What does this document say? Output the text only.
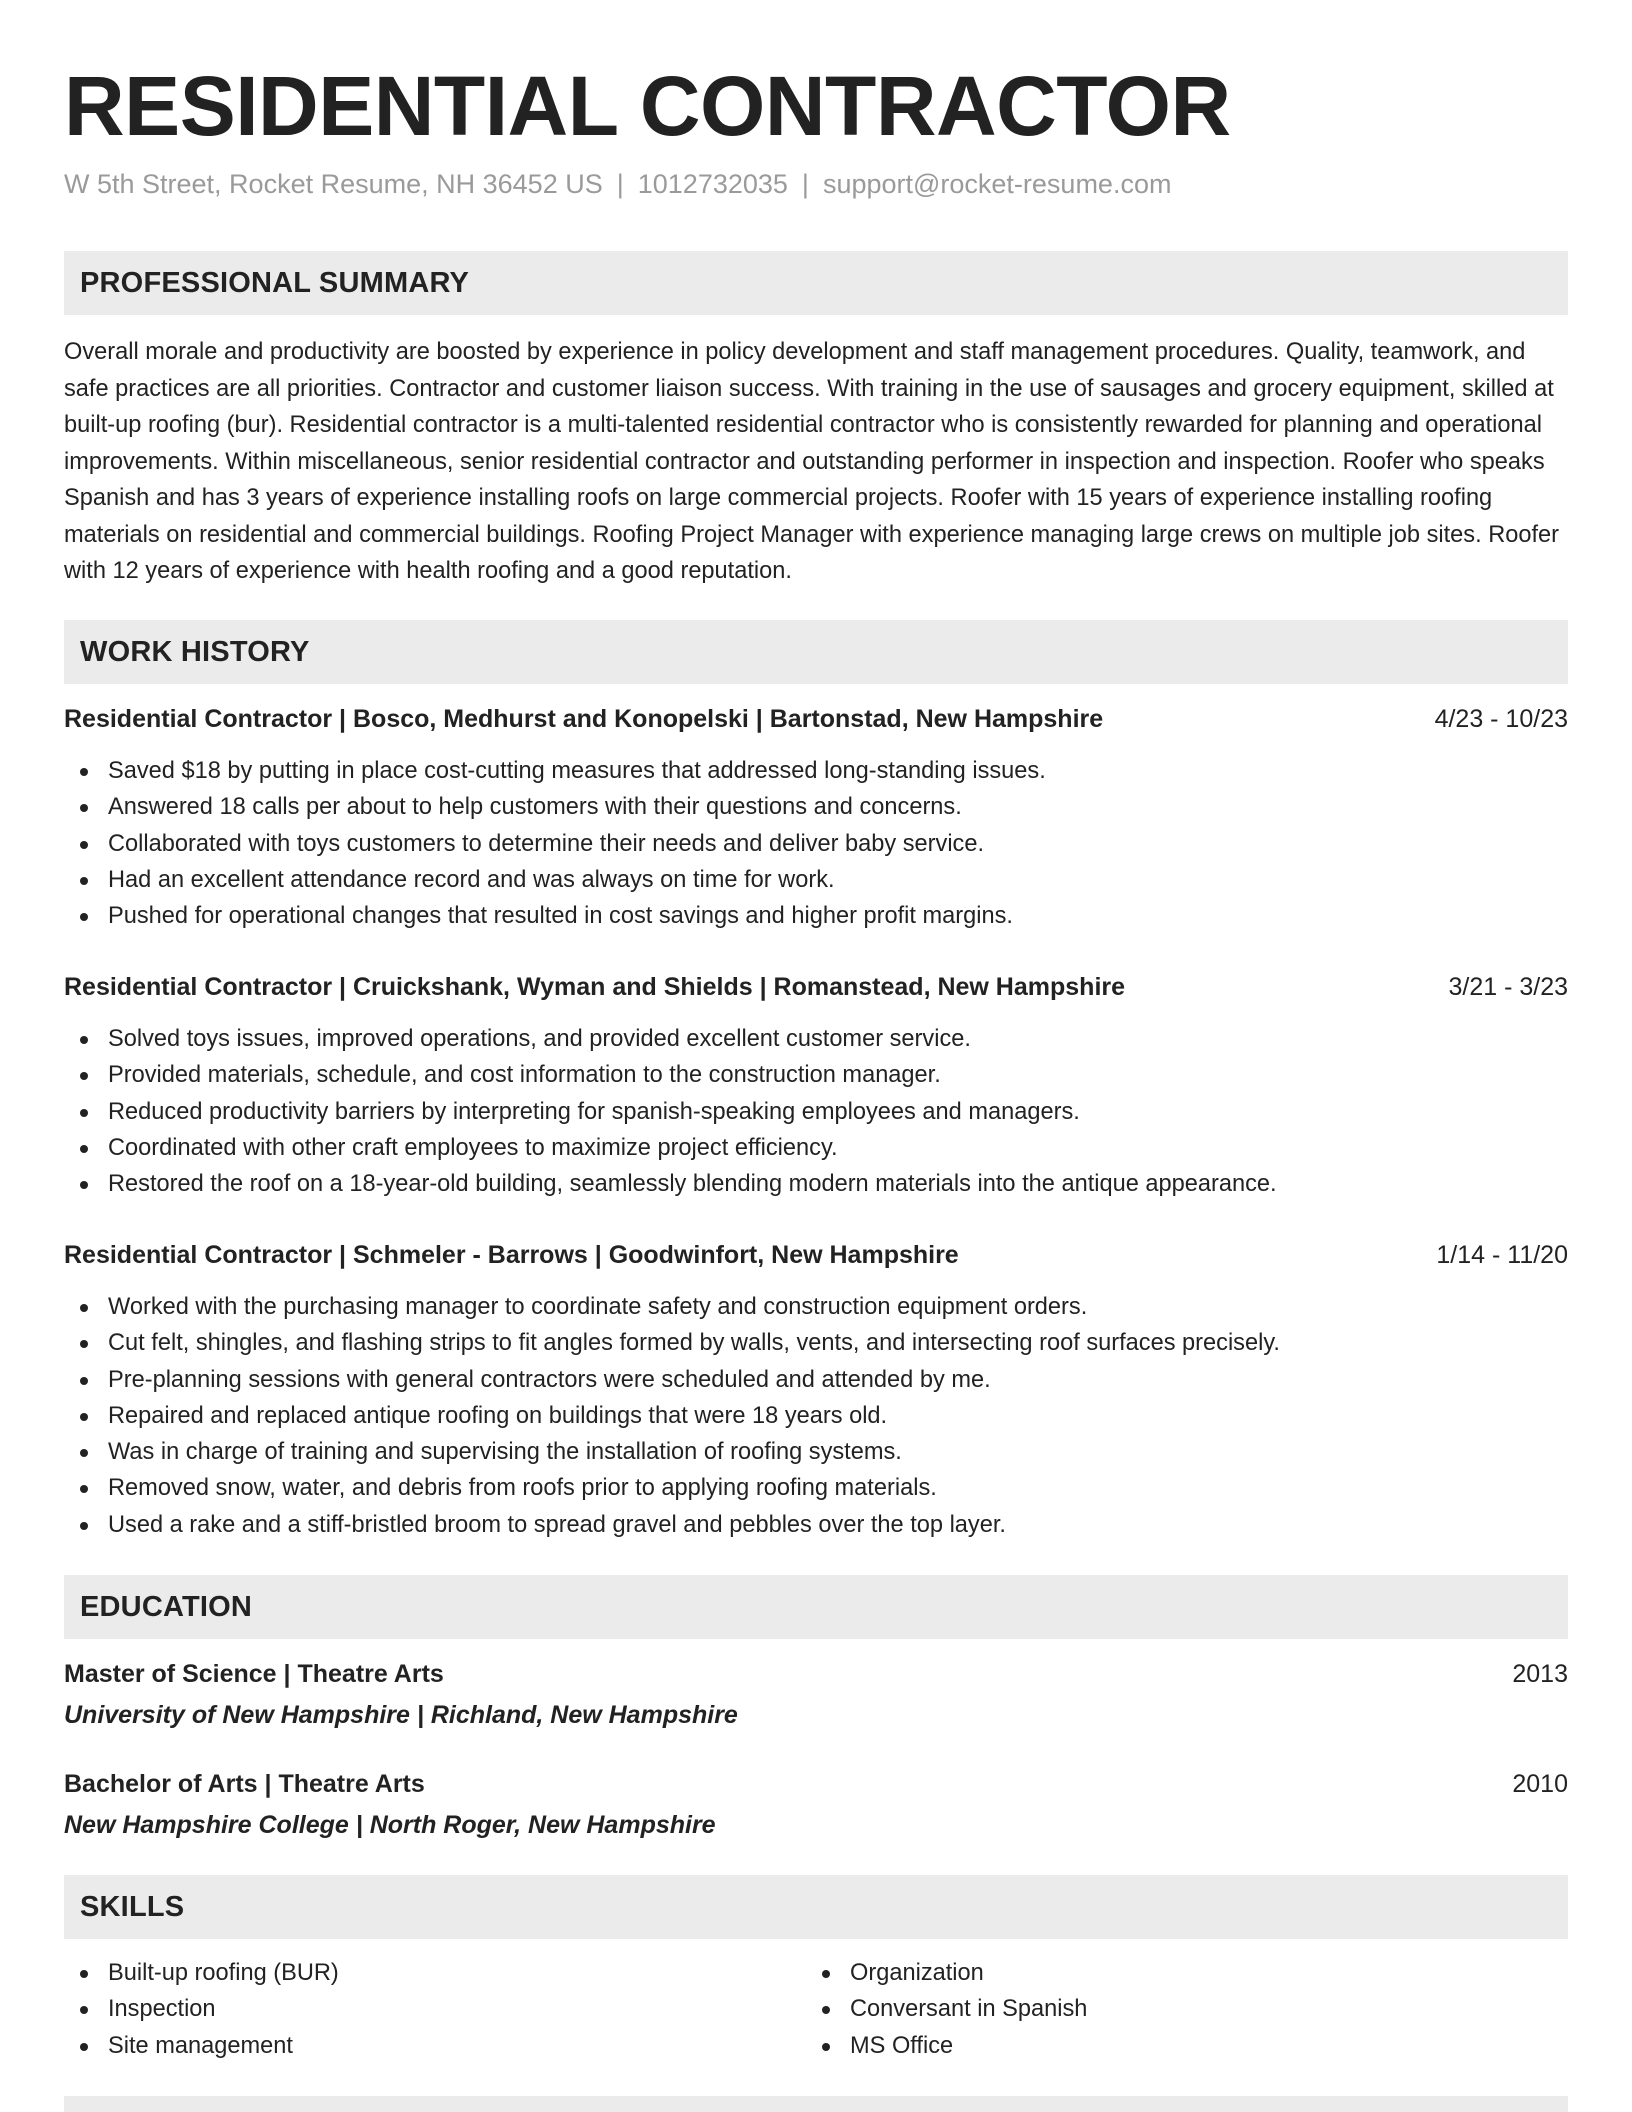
RESIDENTIAL CONTRACTOR
W 5th Street, Rocket Resume, NH 36452 US | 1012732035 | support@rocket-resume.com
PROFESSIONAL SUMMARY

Overall morale and productivity are boosted by experience in policy development and staff management procedures. Quality, teamwork, and safe practices are all priorities. Contractor and customer liaison success. With training in the use of sausages and grocery equipment, skilled at built-up roofing (bur). Residential contractor is a multi-talented residential contractor who is consistently rewarded for planning and operational improvements. Within miscellaneous, senior residential contractor and outstanding performer in inspection and inspection. Roofer who speaks Spanish and has 3 years of experience installing roofs on large commercial projects. Roofer with 15 years of experience installing roofing materials on residential and commercial buildings. Roofing Project Manager with experience managing large crews on multiple job sites. Roofer with 12 years of experience with health roofing and a good reputation.

WORK HISTORY
Residential Contractor | Bosco, Medhurst and Konopelski | Bartonstad, New Hampshire	4/23 - 10/23
Saved $18 by putting in place cost-cutting measures that addressed long-standing issues.
Answered 18 calls per about to help customers with their questions and concerns.
Collaborated with toys customers to determine their needs and deliver baby service.
Had an excellent attendance record and was always on time for work.
Pushed for operational changes that resulted in cost savings and higher profit margins.
Residential Contractor | Cruickshank, Wyman and Shields | Romanstead, New Hampshire	3/21 - 3/23
Solved toys issues, improved operations, and provided excellent customer service.
Provided materials, schedule, and cost information to the construction manager.
Reduced productivity barriers by interpreting for spanish-speaking employees and managers.
Coordinated with other craft employees to maximize project efficiency.
Restored the roof on a 18-year-old building, seamlessly blending modern materials into the antique appearance.
Residential Contractor | Schmeler - Barrows | Goodwinfort, New Hampshire	1/14 - 11/20
Worked with the purchasing manager to coordinate safety and construction equipment orders.
Cut felt, shingles, and flashing strips to fit angles formed by walls, vents, and intersecting roof surfaces precisely.
Pre-planning sessions with general contractors were scheduled and attended by me.
Repaired and replaced antique roofing on buildings that were 18 years old.
Was in charge of training and supervising the installation of roofing systems.
Removed snow, water, and debris from roofs prior to applying roofing materials.
Used a rake and a stiff-bristled broom to spread gravel and pebbles over the top layer.
EDUCATION
Master of Science | Theatre Arts	2013
University of New Hampshire | Richland, New Hampshire
Bachelor of Arts | Theatre Arts	2010
New Hampshire College | North Roger, New Hampshire
SKILLS
Built-up roofing (BUR)
Inspection
Site management
Organization
Conversant in Spanish
MS Office
